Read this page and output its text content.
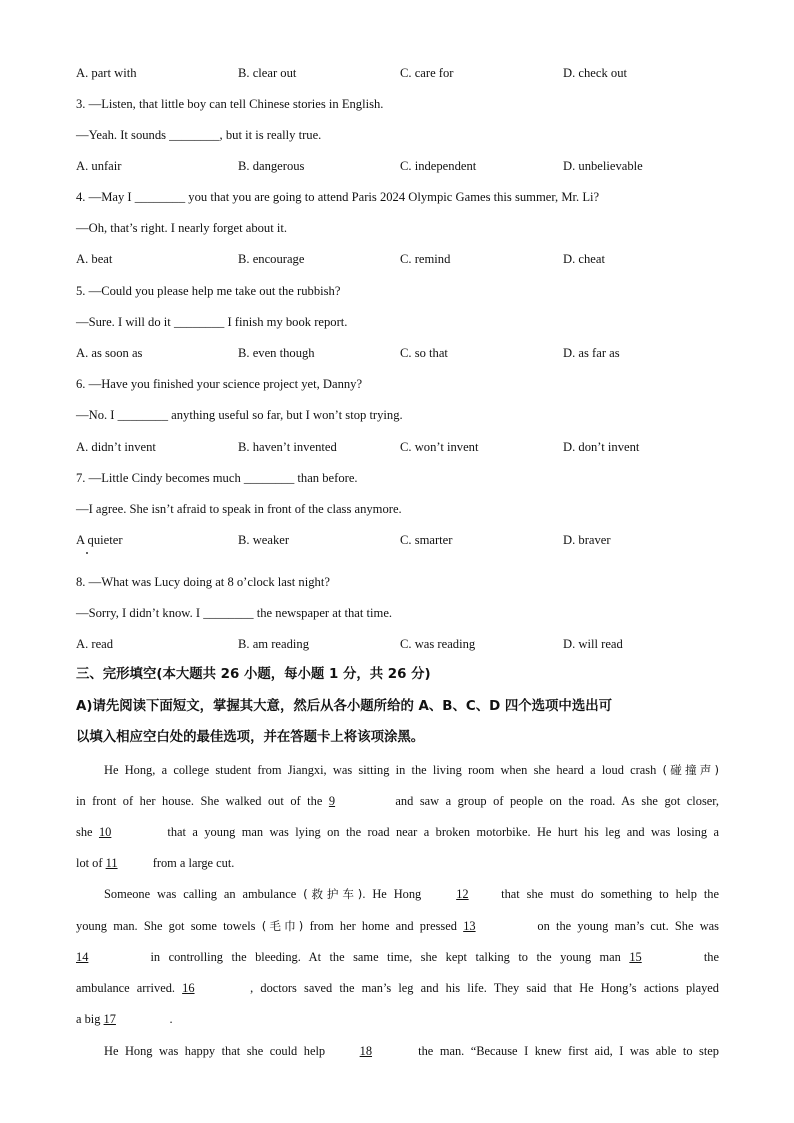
A. part with	B. clear out	C. care for	D. check out
3. —Listen, that little boy can tell Chinese stories in English.
—Yeah. It sounds ________, but it is really true.
A. unfair	B. dangerous	C. independent	D. unbelievable
4. —May I ________ you that you are going to attend Paris 2024 Olympic Games this summer, Mr. Li?
—Oh, that’s right. I nearly forget about it.
A. beat	B. encourage	C. remind	D. cheat
5. —Could you please help me take out the rubbish?
—Sure. I will do it ________ I finish my book report.
A. as soon as	B. even though	C. so that	D. as far as
6. —Have you finished your science project yet, Danny?
—No. I ________ anything useful so far, but I won’t stop trying.
A. didn’t invent	B. haven’t invented	C. won’t invent	D. don’t invent
7. —Little Cindy becomes much ________ than before.
—I agree. She isn’t afraid to speak in front of the class anymore.
A quieter	B. weaker	C. smarter	D. braver
8. —What was Lucy doing at 8 o’clock last night?
—Sorry, I didn’t know. I ________ the newspaper at that time.
A. read	B. am reading	C. was reading	D. will read
三、完形填空(本大题共 26 小题，每小题 1 分，共 26 分)
A)请先阅读下面短文，掌握其大意，然后从各小题所给的 A、B、C、D 四个选项中选出可
以填入相应空白处的最佳选项，并在答题卡上将该项涂黑。
He Hong, a college student from Jiangxi, was sitting in the living room when she heard a loud crash (碰撞声)
in front of her house. She walked out of the 9	and saw a group of people on the road. As she got closer,
she 10	that a young man was lying on the road near a broken motorbike. He hurt his leg and was losing a
lot of 11	from a large cut.
Someone was calling an ambulance (救护车). He Hong	12	that she must do something to help the
young man. She got some towels (毛巾) from her home and pressed 13	on the young man’s cut. She was
14	in controlling the bleeding. At the same time, she kept talking to the young man 15	the
ambulance arrived. 16	, doctors saved the man’s leg and his life. They said that He Hong’s actions played
a big 17	.
He Hong was happy that she could help	18	the man. “Because I knew first aid, I was able to step
